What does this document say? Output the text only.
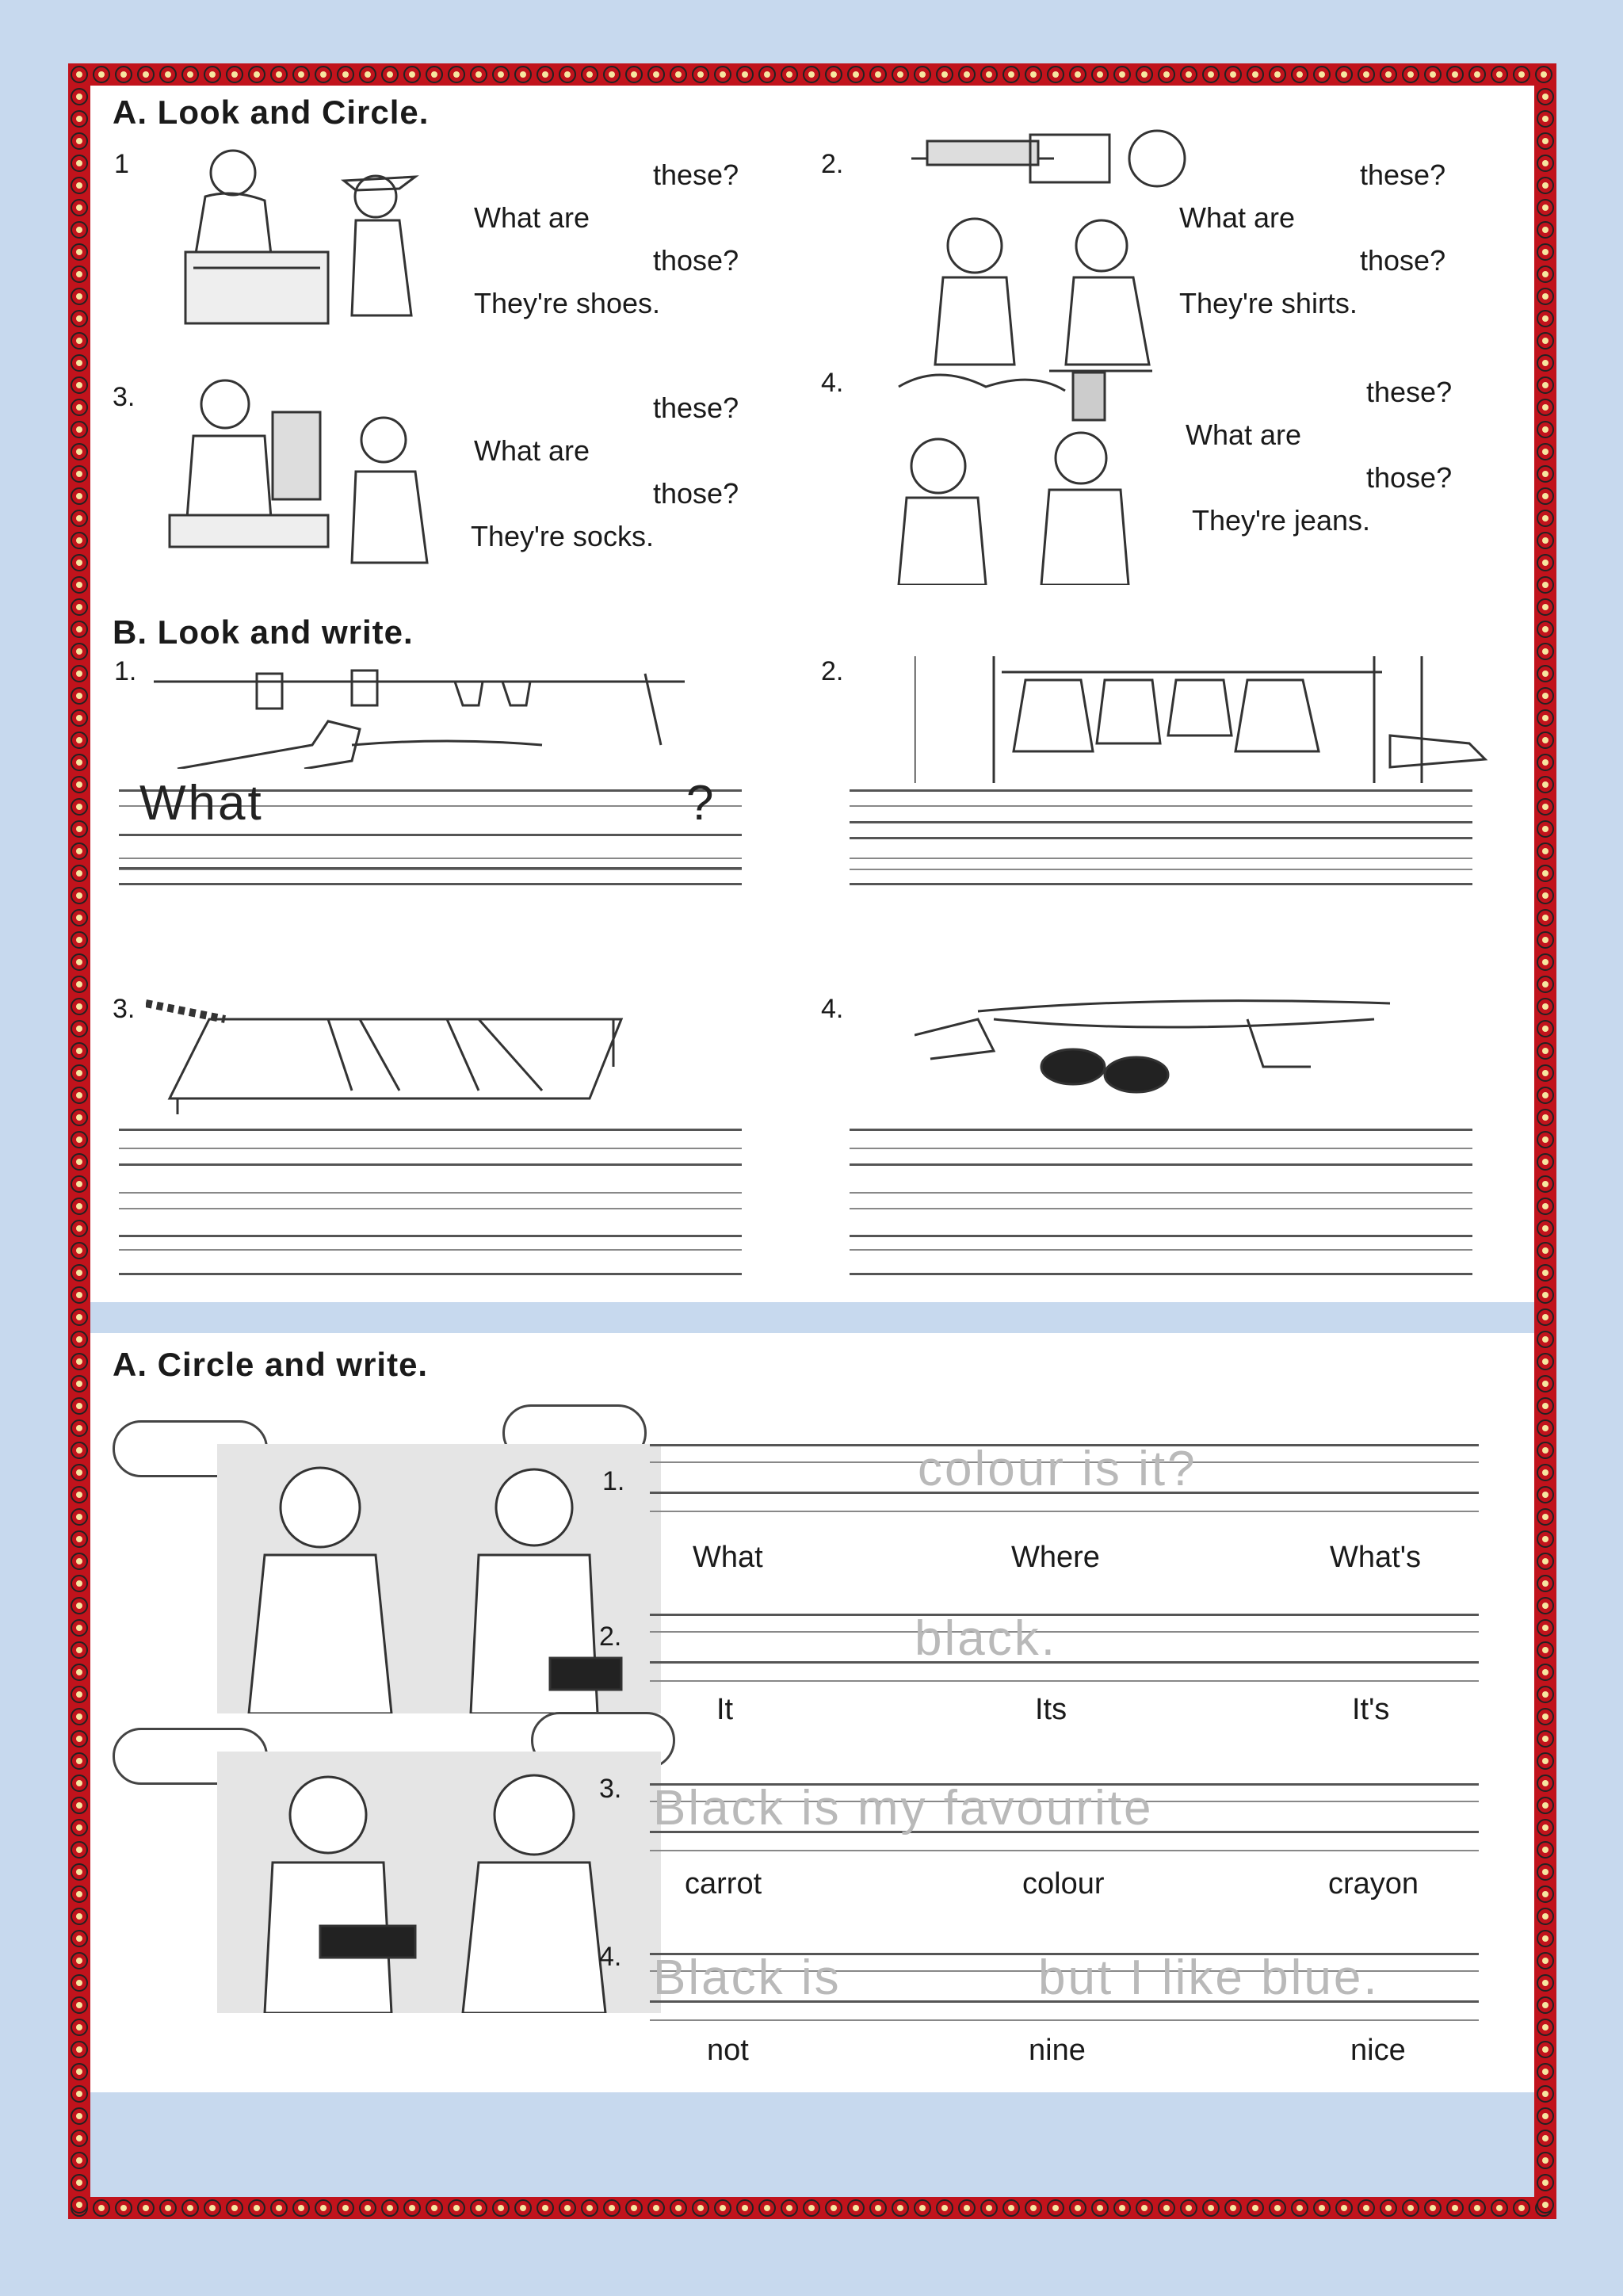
A. Look and Circle.
1	these?
What are
those?
They're shoes.
2.	these?
What are
those?
They're shirts.
3.	these?
What are
those?
They're socks.
4.	these?
What are
those?
They're jeans.
B. Look and write.
1.
What	?
2.
3.	4.
A. Circle and write.
1.	colour is it?
What	Where	What's
2.	black.
It	Its	It's
3. Black is my favourite
carrot	colour	crayon
4. Black is	but I like blue.
not	nine	nice
